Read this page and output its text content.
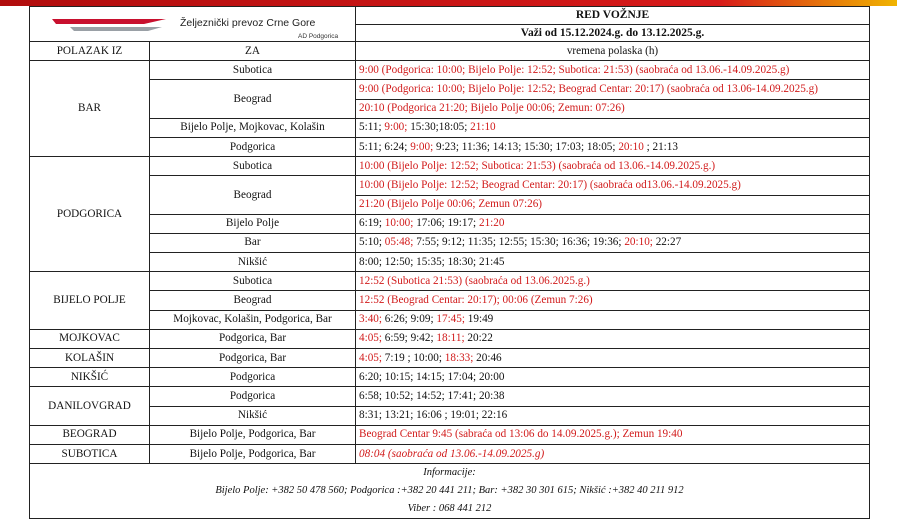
Željeznički prevoz Crne Gore
AD Podgorica		RED VOŽNJE
		Važi od 15.12.2024.g. do 13.12.2025.g.
POLAZAK IZ	ZA	vremena polaska (h)
BAR	Subotica	9:00 (Podgorica: 10:00; Bijelo Polje: 12:52; Subotica: 21:53) (saobraća od 13.06.-14.09.2025.g)
	Beograd	9:00 (Podgorica: 10:00; Bijelo Polje: 12:52; Beograd Centar: 20:17) (saobraća od 13.06-14.09.2025.g)
		20:10 (Podgorica 21:20; Bijelo Polje 00:06; Zemun: 07:26)
	Bijelo Polje, Mojkovac, Kolašin	5:11; 9:00; 15:30;18:05; 21:10
	Podgorica	5:11; 6:24; 9:00; 9:23; 11:36; 14:13; 15:30; 17:03; 18:05; 20:10 ; 21:13
PODGORICA	Subotica	10:00 (Bijelo Polje: 12:52; Subotica: 21:53) (saobraća od 13.06.-14.09.2025.g.)
	Beograd	10:00 (Bijelo Polje: 12:52; Beograd Centar: 20:17) (saobraća od13.06.-14.09.2025.g)
		21:20 (Bijelo Polje 00:06; Zemun 07:26)
	Bijelo Polje	6:19; 10:00; 17:06; 19:17; 21:20
	Bar	5:10; 05:48; 7:55; 9:12; 11:35; 12:55; 15:30; 16:36; 19:36; 20:10; 22:27
	Nikšić	8:00; 12:50; 15:35; 18:30; 21:45
BIJELO POLJE	Subotica	12:52 (Subotica 21:53) (saobraća od 13.06.2025.g.)
	Beograd	12:52 (Beograd Centar: 20:17); 00:06 (Zemun 7:26)
	Mojkovac, Kolašin, Podgorica, Bar	3:40; 6:26; 9:09; 17:45; 19:49
MOJKOVAC	Podgorica, Bar	4:05; 6:59; 9:42; 18:11; 20:22
KOLAŠIN	Podgorica, Bar	4:05; 7:19 ; 10:00; 18:33; 20:46
NIKŠIĆ	Podgorica	6:20; 10:15; 14:15; 17:04; 20:00
DANILOVGRAD	Podgorica	6:58; 10:52; 14:52; 17:41; 20:38
	Nikšić	8:31; 13:21; 16:06 ; 19:01; 22:16
BEOGRAD	Bijelo Polje, Podgorica, Bar	Beograd Centar 9:45 (sabraća od 13:06 do 14.09.2025.g.); Zemun 19:40
SUBOTICA	Bijelo Polje, Podgorica, Bar	08:04 (saobraća od 13.06.-14.09.2025.g)
Informacije:		
Bijelo Polje: +382 50 478 560; Podgorica :+382 20 441 211; Bar: +382 30 301 615; Nikšić :+382 40 211 912		
Viber : 068 441 212		
